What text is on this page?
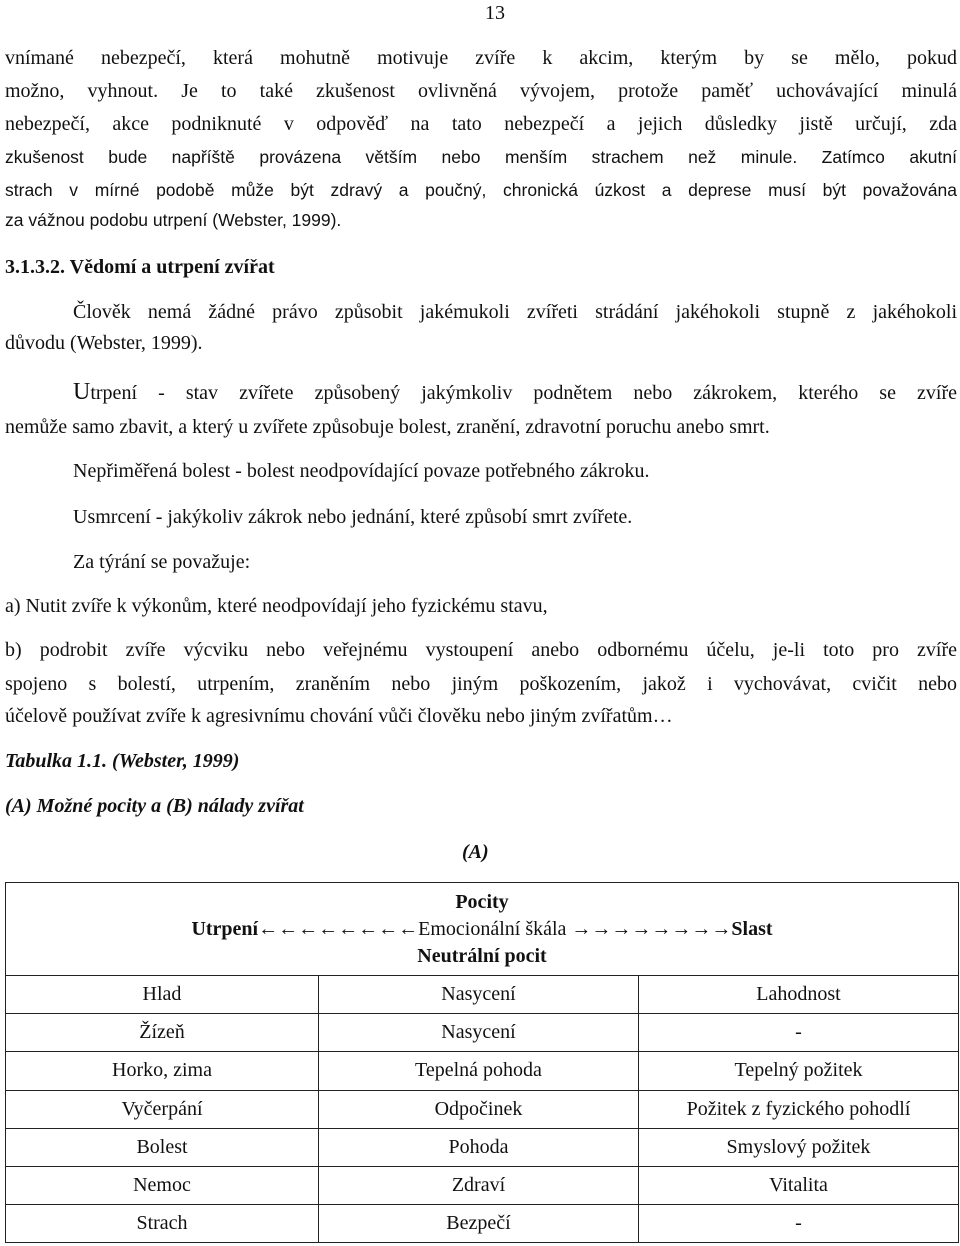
13
vnímané nebezpečí, která mohutně motivuje zvíře k akcim, kterým by se mělo, pokud
možno, vyhnout. Je to také zkušenost ovlivněná vývojem, protože paměť uchovávající minulá
nebezpečí, akce podniknuté v odpověď na tato nebezpečí a jejich důsledky jistě určují, zda
zkušenost bude napříště provázena větším nebo menším strachem než minule. Zatímco akutní
strach v mírné podobě může být zdravý a poučný, chronická úzkost a deprese musí být považována
za vážnou podobu utrpení (Webster, 1999).
3.1.3.2. Vědomí a utrpení zvířat
Člověk nemá žádné právo způsobit jakémukoli zvířeti strádání jakéhokoli stupně z jakéhokoli
důvodu (Webster, 1999).
Utrpení - stav zvířete způsobený jakýmkoliv podnětem nebo zákrokem, kterého se zvíře
nemůže samo zbavit, a který u zvířete způsobuje bolest, zranění, zdravotní poruchu anebo smrt.
Nepřiměřená bolest - bolest neodpovídající povaze potřebného zákroku.
Usmrcení - jakýkoliv zákrok nebo jednání, které způsobí smrt zvířete.
Za týrání se považuje:
a) Nutit zvíře k výkonům, které neodpovídají jeho fyzickému stavu,
b) podrobit zvíře výcviku nebo veřejnému vystoupení anebo odbornému účelu, je-li toto pro zvíře
spojeno s bolestí, utrpením, zraněním nebo jiným poškozením, jakož i vychovávat, cvičit nebo
účelově používat zvíře k agresivnímu chování vůči člověku nebo jiným zvířatům…
Tabulka 1.1. (Webster, 1999)
(A) Možné pocity a (B) nálady zvířat
(A)
Pocity
Utrpení←←←←←←←←Emocionální škála →→→→→→→→Slast
Neutrální pocit		

Hlad	Nasycení	Lahodnost
Žízeň	Nasycení	-
Horko, zima	Tepelná pohoda	Tepelný požitek
Vyčerpání	Odpočinek	Požitek z fyzického pohodlí
Bolest	Pohoda	Smyslový požitek
Nemoc	Zdraví	Vitalita
Strach	Bezpečí	-
